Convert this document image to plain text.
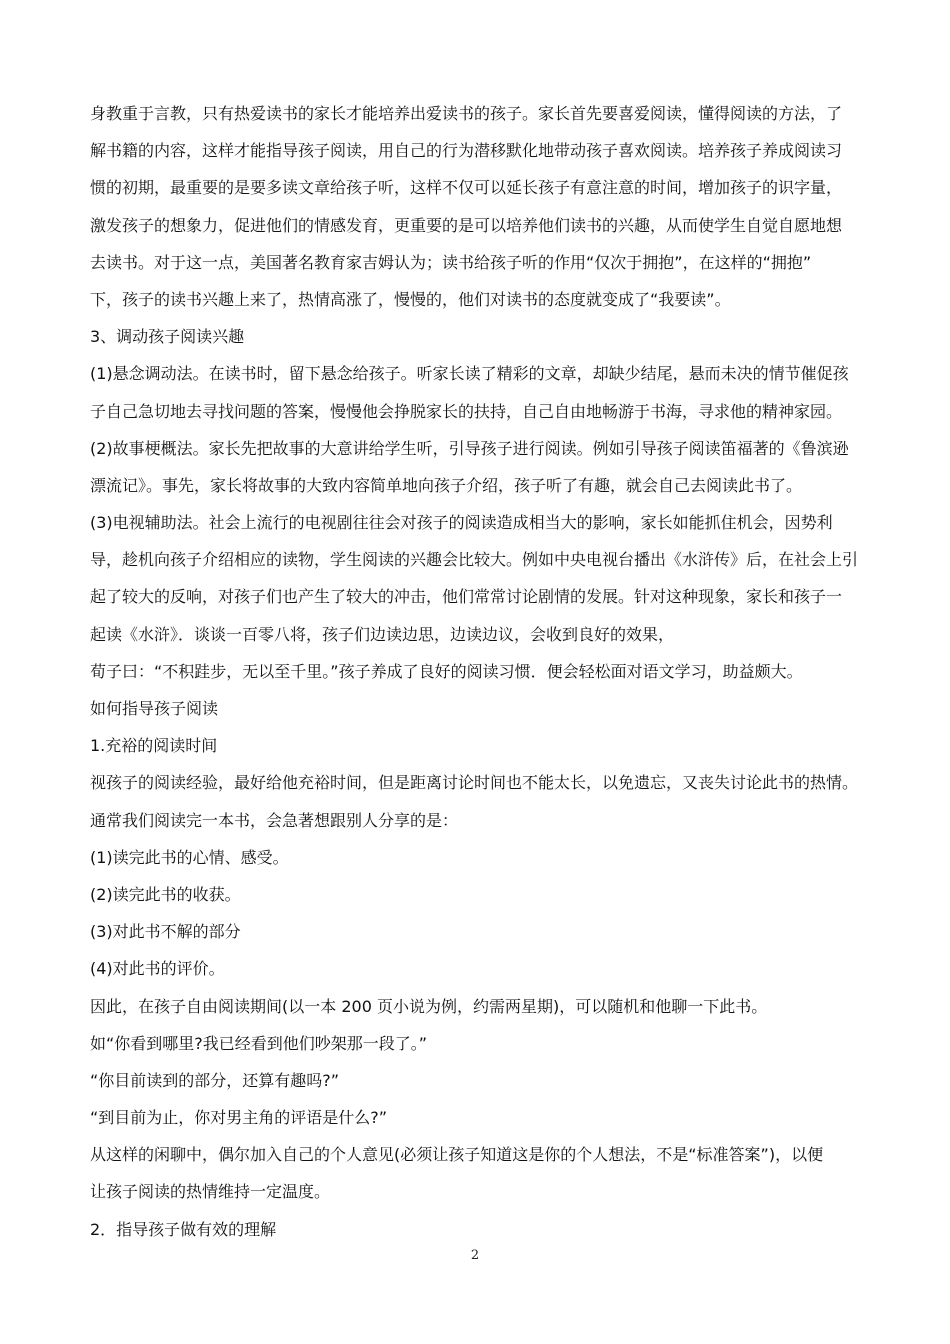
身教重于言教，只有热爱读书的家长才能培养出爱读书的孩子。家长首先要喜爱阅读，懂得阅读的方法，了
解书籍的内容，这样才能指导孩子阅读，用自己的行为潜移默化地带动孩子喜欢阅读。培养孩子养成阅读习
惯的初期，最重要的是要多读文章给孩子听，这样不仅可以延长孩子有意注意的时间，增加孩子的识字量，
激发孩子的想象力，促进他们的情感发育，更重要的是可以培养他们读书的兴趣，从而使学生自觉自愿地想
去读书。对于这一点，美国著名教育家吉姆认为；读书给孩子听的作用“仅次于拥抱”，在这样的“拥抱”
下，孩子的读书兴趣上来了，热情高涨了，慢慢的，他们对读书的态度就变成了“我要读”。
3、调动孩子阅读兴趣
(1)悬念调动法。在读书时，留下悬念给孩子。听家长读了精彩的文章，却缺少结尾，悬而未决的情节催促孩
子自己急切地去寻找问题的答案，慢慢他会挣脱家长的扶持，自己自由地畅游于书海，寻求他的精神家园。
(2)故事梗概法。家长先把故事的大意讲给学生听，引导孩子进行阅读。例如引导孩子阅读笛福著的《鲁滨逊
漂流记》。事先，家长将故事的大致内容简单地向孩子介绍，孩子听了有趣，就会自己去阅读此书了。
(3)电视辅助法。社会上流行的电视剧往往会对孩子的阅读造成相当大的影响，家长如能抓住机会，因势利
导，趁机向孩子介绍相应的读物，学生阅读的兴趣会比较大。例如中央电视台播出《水浒传》后，在社会上引
起了较大的反响，对孩子们也产生了较大的冲击，他们常常讨论剧情的发展。针对这种现象，家长和孩子一
起读《水浒》．谈谈一百零八将，孩子们边读边思，边读边议，会收到良好的效果，
荀子曰：“不积跬步，无以至千里。”孩子养成了良好的阅读习惯．便会轻松面对语文学习，助益颇大。
如何指导孩子阅读
1.充裕的阅读时间
视孩子的阅读经验，最好给他充裕时间，但是距离讨论时间也不能太长，以免遗忘，又丧失讨论此书的热情。
通常我们阅读完一本书，会急著想跟别人分享的是：
(1)读完此书的心情、感受。
(2)读完此书的收获。
(3)对此书不解的部分
(4)对此书的评价。
因此，在孩子自由阅读期间(以一本 200 页小说为例，约需两星期)，可以随机和他聊一下此书。
如“你看到哪里?我已经看到他们吵架那一段了。”
“你目前读到的部分，还算有趣吗?”
“到目前为止，你对男主角的评语是什么?”
从这样的闲聊中，偶尔加入自己的个人意见(必须让孩子知道这是你的个人想法，不是“标准答案”)，以便
让孩子阅读的热情维持一定温度。
2．指导孩子做有效的理解
2
